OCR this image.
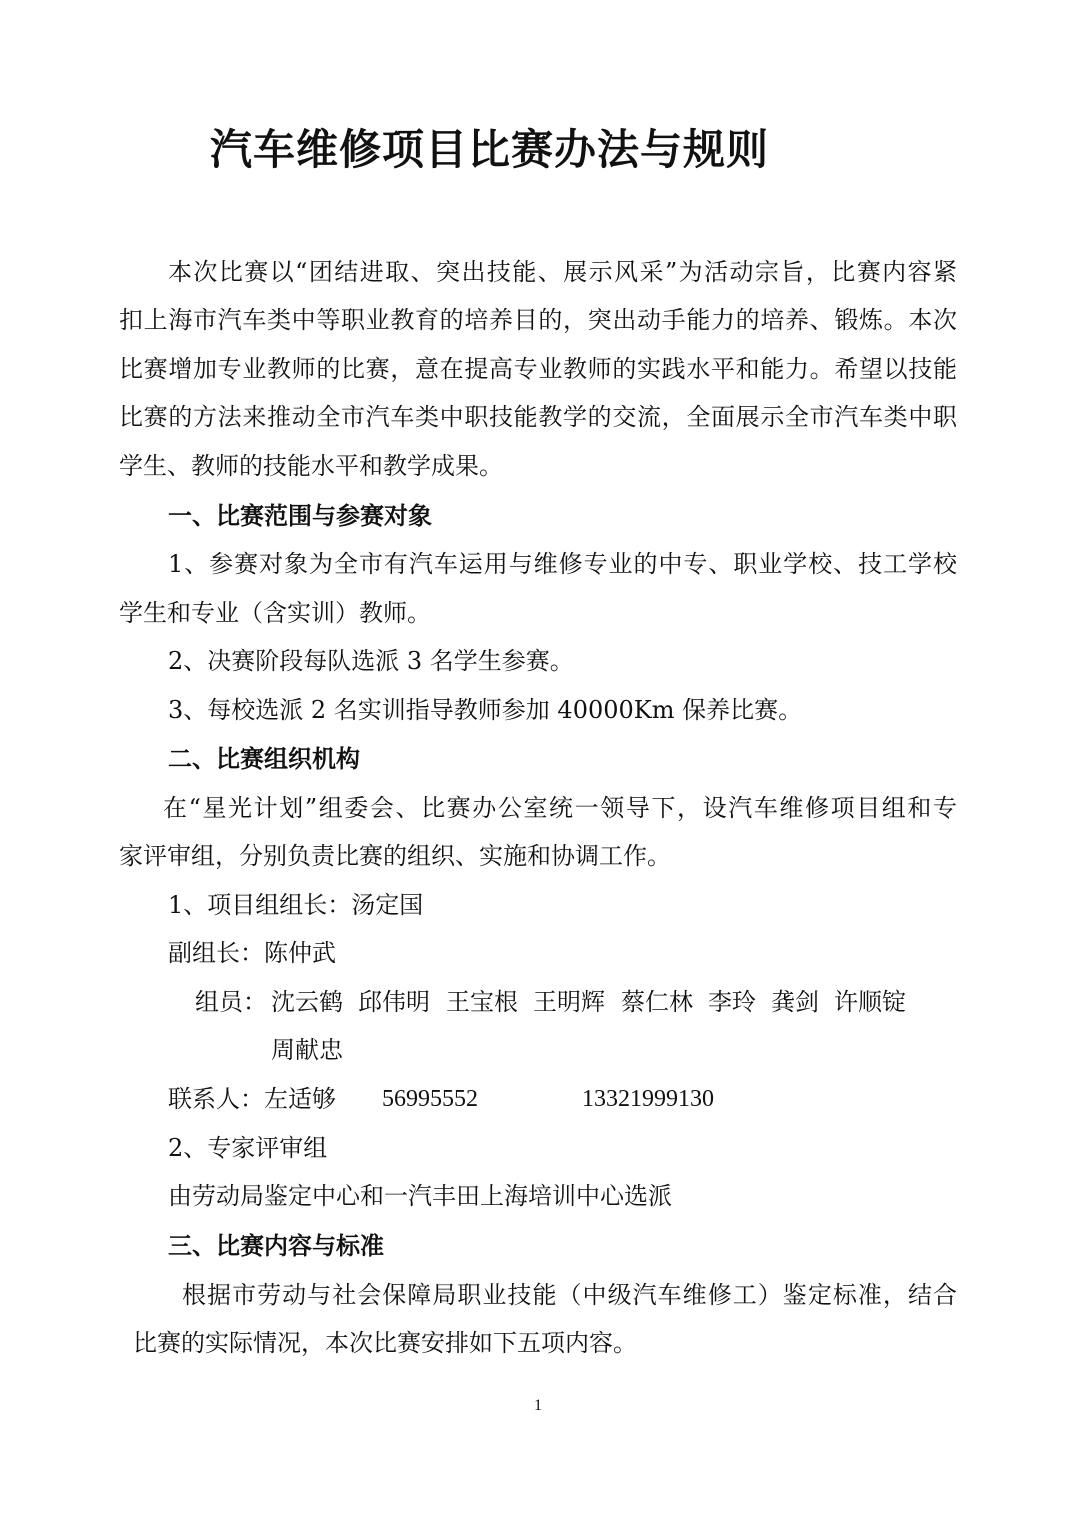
汽车维修项目比赛办法与规则
本次比赛以“团结进取、突出技能、展示风采”为活动宗旨，比赛内容紧
扣上海市汽车类中等职业教育的培养目的，突出动手能力的培养、锻炼。本次
比赛增加专业教师的比赛，意在提高专业教师的实践水平和能力。希望以技能
比赛的方法来推动全市汽车类中职技能教学的交流，全面展示全市汽车类中职
学生、教师的技能水平和教学成果。
一、比赛范围与参赛对象
1、参赛对象为全市有汽车运用与维修专业的中专、职业学校、技工学校
学生和专业（含实训）教师。
2、决赛阶段每队选派 3 名学生参赛。
3、每校选派 2 名实训指导教师参加 40000Km 保养比赛。
二、比赛组织机构
在“星光计划”组委会、比赛办公室统一领导下，设汽车维修项目组和专
家评审组，分别负责比赛的组织、实施和协调工作。
1、项目组组长：汤定国
副组长：陈仲武
组员： 沈云鹤 邱伟明 王宝根 王明辉 蔡仁林 李玲 龚剑 许顺锭
周献忠
联系人：左适够 56995552	13321999130
2、专家评审组
由劳动局鉴定中心和一汽丰田上海培训中心选派
三、比赛内容与标准
根据市劳动与社会保障局职业技能（中级汽车维修工）鉴定标准，结合
比赛的实际情况，本次比赛安排如下五项内容。
1
